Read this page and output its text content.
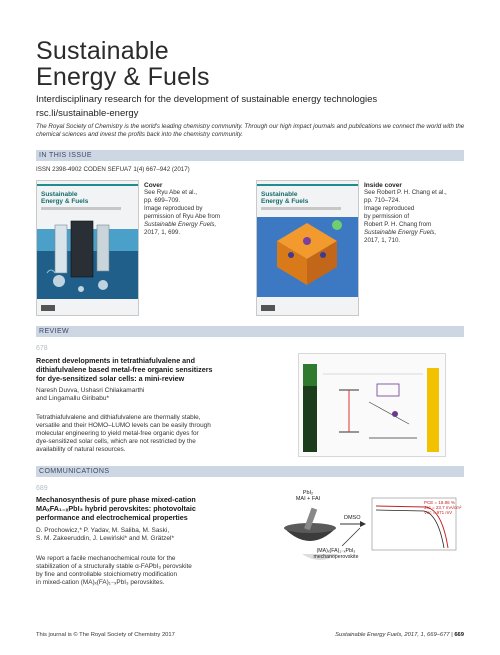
Sustainable
Energy & Fuels
Interdisciplinary research for the development of sustainable energy technologies
rsc.li/sustainable-energy
The Royal Society of Chemistry is the world's leading chemistry community. Through our high impact journals and publications we connect the world with the chemical sciences and invest the profits back into the chemistry community.
IN THIS ISSUE
ISSN 2398-4902 CODEN SEFUA7 1(4) 667–942 (2017)
Sustainable Energy & Fuels
Cover
See Ryu Abe et al.,
pp. 699–709.
Image reproduced by
permission of Ryu Abe from
Sustainable Energy Fuels,
2017, 1, 699.
Sustainable Energy & Fuels
Inside cover
See Robert P. H. Chang et al.,
pp. 710–724.
Image reproduced
by permission of
Robert P. H. Chang from
Sustainable Energy Fuels,
2017, 1, 710.
REVIEW
678
Recent developments in tetrathiafulvalene and
dithiafulvalene based metal-free organic sensitizers
for dye-sensitized solar cells: a mini-review
Naresh Duvva, Ushasri Chilakamarthi
and Lingamallu Giribabu*
Tetrathiafulvalene and dithiafulvalene are thermally stable,
versatile and their HOMO–LUMO levels can be easily through
molecular engineering to yield metal-free organic dyes for
dye-sensitized solar cells, which are not restricted by the
availability of natural resources.
COMMUNICATIONS
689
Mechanosynthesis of pure phase mixed-cation
MAₓFA₁₋ₓPbI₃ hybrid perovskites: photovoltaic
performance and electrochemical properties
D. Prochowicz,* P. Yadav, M. Saliba, M. Saski,
S. M. Zakeeruddin, J. Lewiński* and M. Grätzel*
We report a facile mechanochemical route for the
stabilization of a structurally stable α-FAPbI₃ perovskite
by fine and controllable stoichiometry modification
in mixed-cation (MA)ₓ(FA)₁₋ₓPbI₃ perovskites.
PbI₂
MAI + FAI
DMSO
(MA)ₓ(FA)₁₋ₓPbI₃
mechanoperovskite
PCE = 18.86 %
Jsc = 23.7 mA/cm²
Voc = 971 mV
This journal is © The Royal Society of Chemistry 2017	Sustainable Energy Fuels, 2017, 1, 669–677 | 669
